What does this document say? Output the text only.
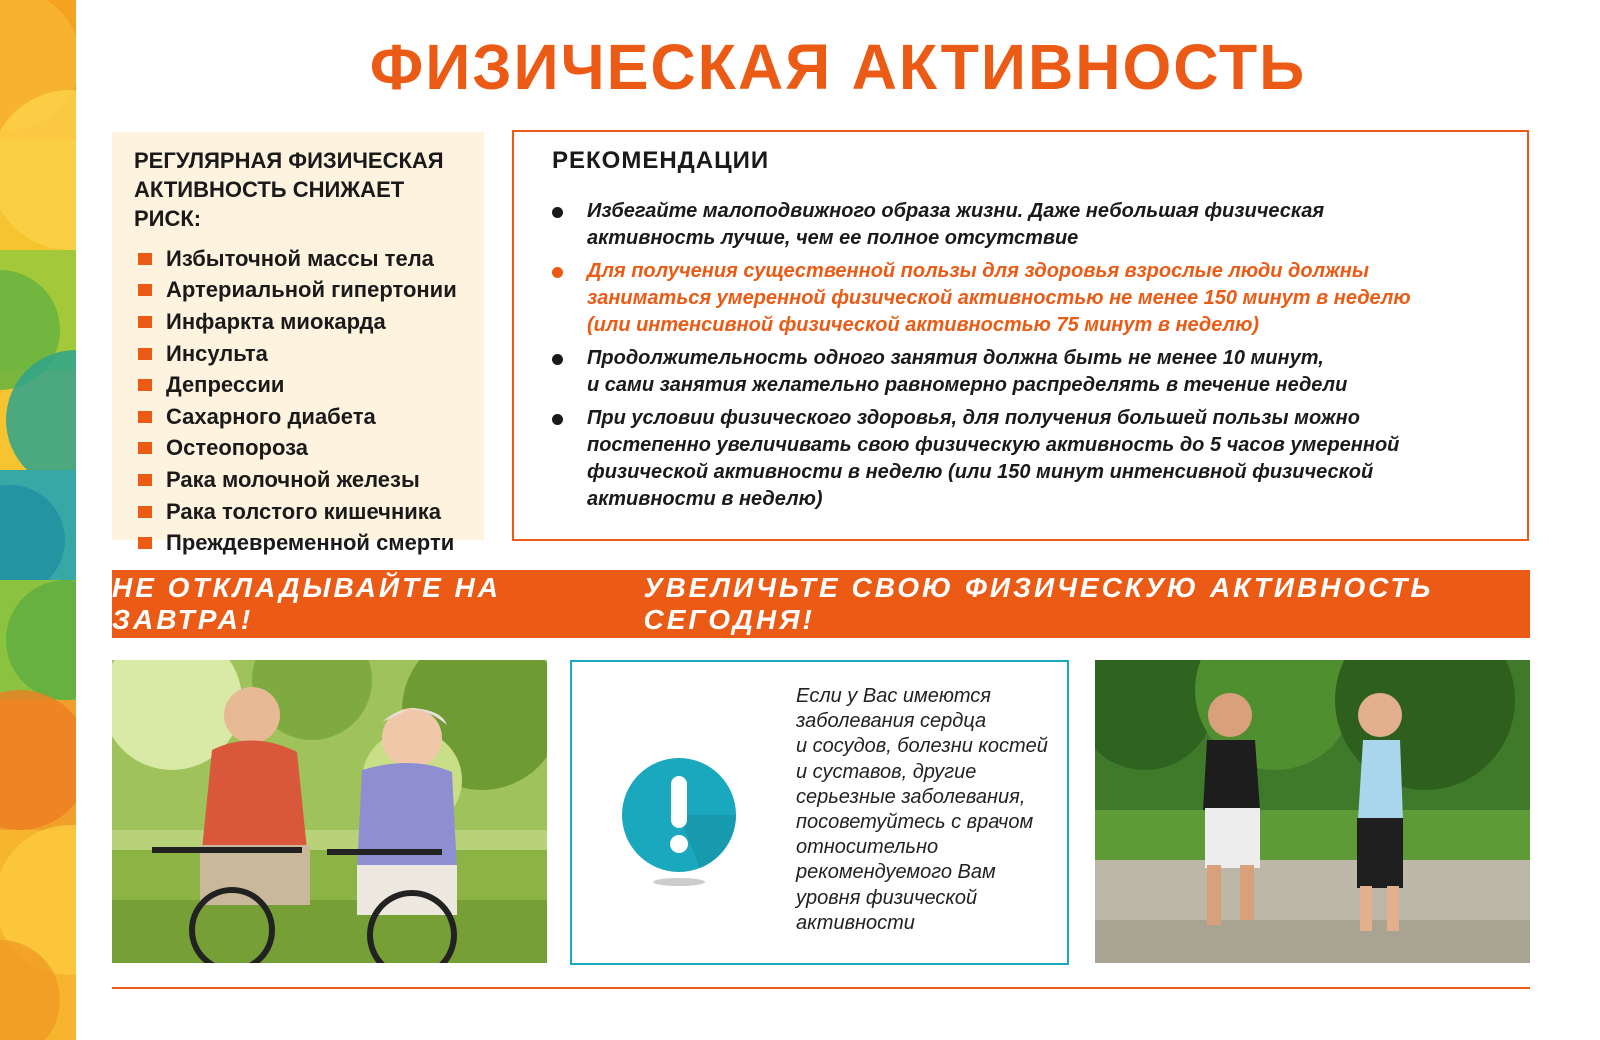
ФИЗИЧЕСКАЯ АКТИВНОСТЬ
РЕГУЛЯРНАЯ ФИЗИЧЕСКАЯ
АКТИВНОСТЬ СНИЖАЕТ РИСК:
Избыточной массы тела
Артериальной гипертонии
Инфаркта миокарда
Инсульта
Депрессии
Сахарного диабета
Остеопороза
Рака молочной железы
Рака толстого кишечника
Преждевременной смерти
РЕКОМЕНДАЦИИ
Избегайте малоподвижного образа жизни. Даже небольшая физическая
активность лучше, чем ее полное отсутствие
Для получения существенной пользы для здоровья взрослые люди должны
заниматься умеренной физической активностью не менее 150 минут в неделю
(или интенсивной физической активностью 75 минут в неделю)
Продолжительность одного занятия должна быть не менее 10 минут,
и сами занятия желательно равномерно распределять в течение недели
При условии физического здоровья, для получения большей пользы можно
постепенно увеличивать свою физическую активность до 5 часов умеренной
физической активности в неделю (или 150 минут интенсивной физической
активности в неделю)
НЕ ОТКЛАДЫВАЙТЕ НА ЗАВТРА!
УВЕЛИЧЬТЕ СВОЮ ФИЗИЧЕСКУЮ АКТИВНОСТЬ СЕГОДНЯ!
Если у Вас имеются
заболевания сердца
и сосудов, болезни костей
и суставов, другие
серьезные заболевания,
посоветуйтесь с врачом
относительно
рекомендуемого Вам
уровня физической
активности
